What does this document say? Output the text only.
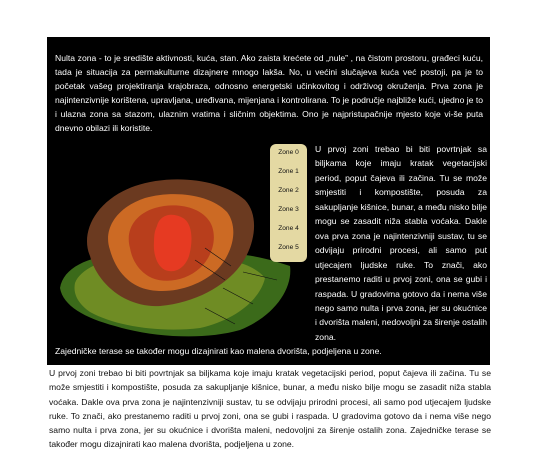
Nulta zona - to je središte aktivnosti, kuća, stan. Ako zaista krećete od „nule” , na čistom prostoru, građeci kuću, tada je situacija za permakulturne dizajnere mnogo lakša. No, u većini slučajeva kuća već postoji, pa je to početak vašeg projektiranja krajobraza, odnosno energetski učinkovitog i održivog okruženja. Prva zona je najintenzivnije korištena, upravljana, uređivana, mijenjana i kontrolirana. To je područje najbliže kući, ujedno je to i ulazna zona sa stazom, ulaznim vratima i sličnim objektima. Ono je najpristupačnije mjesto koje vi-še puta dnevno obilazi ili koristite.

Zone 0
Zone 1
Zone 2
Zone 3
Zone 4
Zone 5

U prvoj zoni trebao bi biti povrtnjak sa biljkama koje imaju kratak vegetacijski period, poput čajeva ili začina. Tu se može smjestiti i kompostište, posuda za sakupljanje kišnice, bunar, a među nisko bilje mogu se zasadit niža stabla voćaka. Dakle ova prva zona je najintenzivniji sustav, tu se odvijaju prirodni procesi, ali samo put utjecajem ljudske ruke. To znači, ako prestanemo raditi u prvoj zoni, ona se gubi i raspada. U gradovima gotovo da i nema više nego samo nulta i prva zona, jer su okućnice i dvorišta maleni, nedovoljni za širenje ostalih zona.

Zajedničke terase se također mogu dizajnirati kao malena dvorišta, podjeljena u zone.

U prvoj zoni trebao bi biti povrtnjak sa biljkama koje imaju kratak vegetacijski period, poput čajeva ili začina. Tu se može smjestiti i kompostište, posuda za sakupljanje kišnice, bunar, a među nisko bilje mogu se zasadit niža stabla voćaka. Dakle ova prva zona je najintenzivniji sustav, tu se odvijaju prirodni procesi, ali samo pod utjecajem ljudske ruke. To znači, ako prestanemo raditi u prvoj zoni, ona se gubi i raspada. U gradovima gotovo da i nema više nego samo nulta i prva zona, jer su okućnice i dvorišta maleni, nedovoljni za širenje ostalih zona. Zajedničke terase se također mogu dizajnirati kao malena dvorišta, podjeljena u zone.
